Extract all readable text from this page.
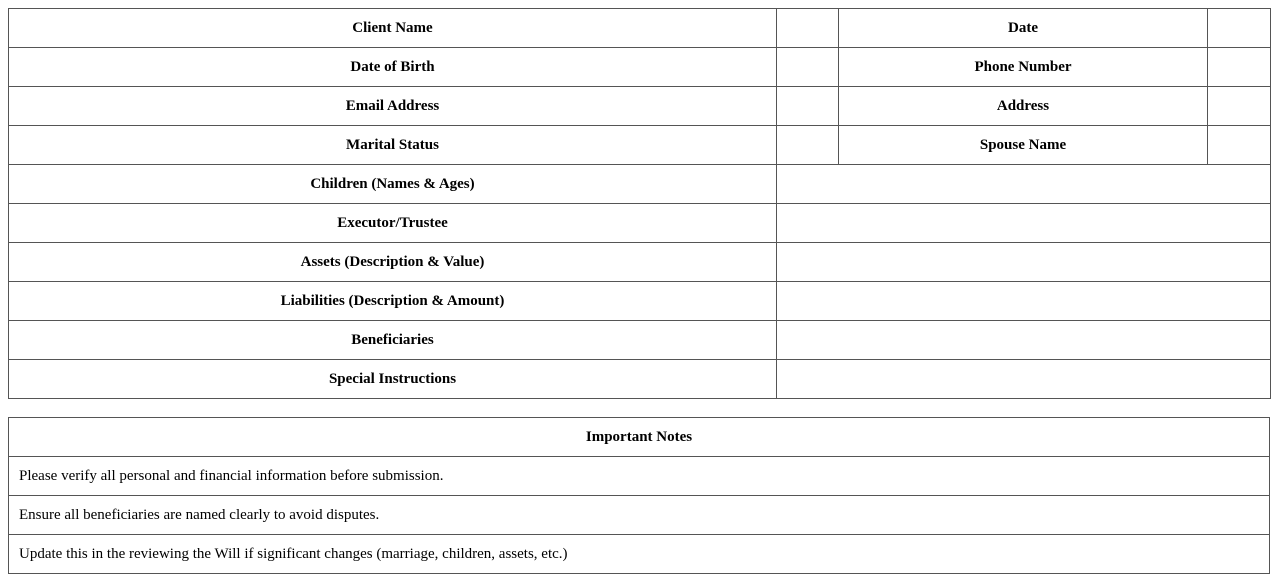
Client Name		Date	
Date of Birth		Phone Number	
Email Address		Address	
Marital Status		Spouse Name	
Children (Names & Ages)			
Executor/Trustee			
Assets (Description & Value)			
Liabilities (Description & Amount)			
Beneficiaries			
Special Instructions			
Important Notes
Please verify all personal and financial information before submission.
Ensure all beneficiaries are named clearly to avoid disputes.
Update this in the reviewing the Will if significant changes (marriage, children, assets, etc.)
